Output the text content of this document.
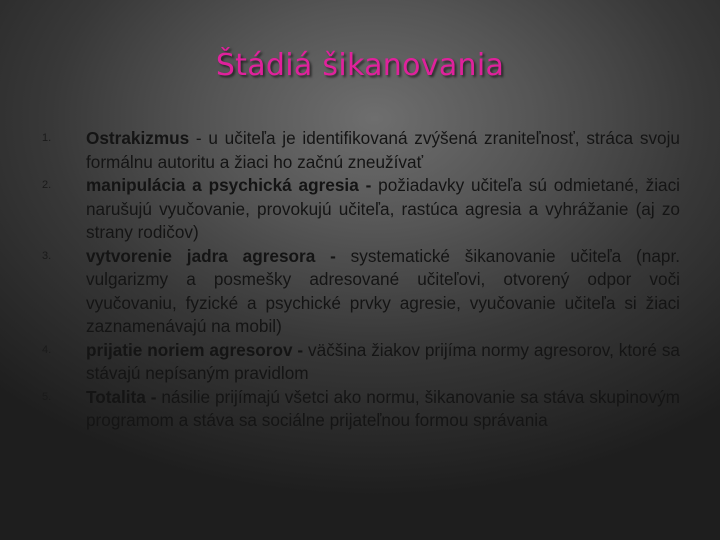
Štádiá šikanovania
1. Ostrakizmus - u učiteľa je identifikovaná zvýšená zraniteľnosť, stráca svoju formálnu autoritu a žiaci ho začnú zneužívať
2. manipulácia a psychická agresia - požiadavky učiteľa sú odmietané, žiaci narušujú vyučovanie, provokujú učiteľa, rastúca agresia a vyhrážanie (aj zo strany rodičov)
3. vytvorenie jadra agresora - systematické šikanovanie učiteľa (napr. vulgarizmy a posmešky adresované učiteľovi, otvorený odpor voči vyučovaniu, fyzické a psychické prvky agresie, vyučovanie učiteľa si žiaci zaznamenávajú na mobil)
4. prijatie noriem agresorov - väčšina žiakov prijíma normy agresorov, ktoré sa stávajú nepísaným pravidlom
5. Totalita - násilie prijímajú všetci ako normu, šikanovanie sa stáva skupinovým programom a stáva sa sociálne prijateľnou formou správania
